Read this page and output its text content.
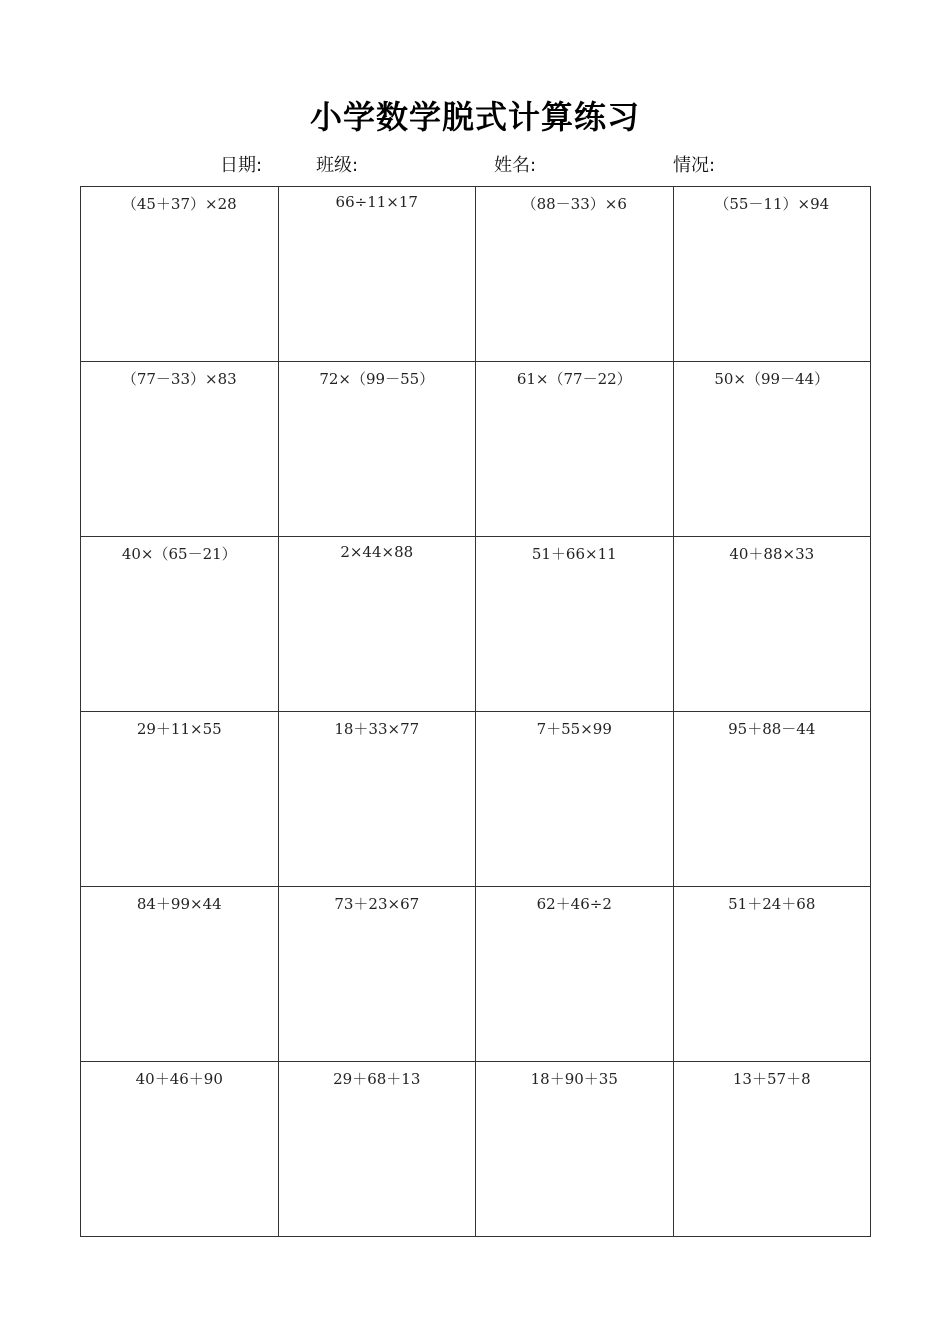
小学数学脱式计算练习
日期:	班级:	姓名:	情况:
（45＋37）×28	66÷11×17	（88－33）×6	（55－11）×94

（77－33）×83	72×（99－55）	61×（77－22）	50×（99－44）

40×（65－21）	2×44×88	51＋66×11	40＋88×33

29＋11×55	18＋33×77	7＋55×99	95＋88－44

84＋99×44	73＋23×67	62＋46÷2	51＋24＋68

40＋46＋90	29＋68＋13	18＋90＋35	13＋57＋8
